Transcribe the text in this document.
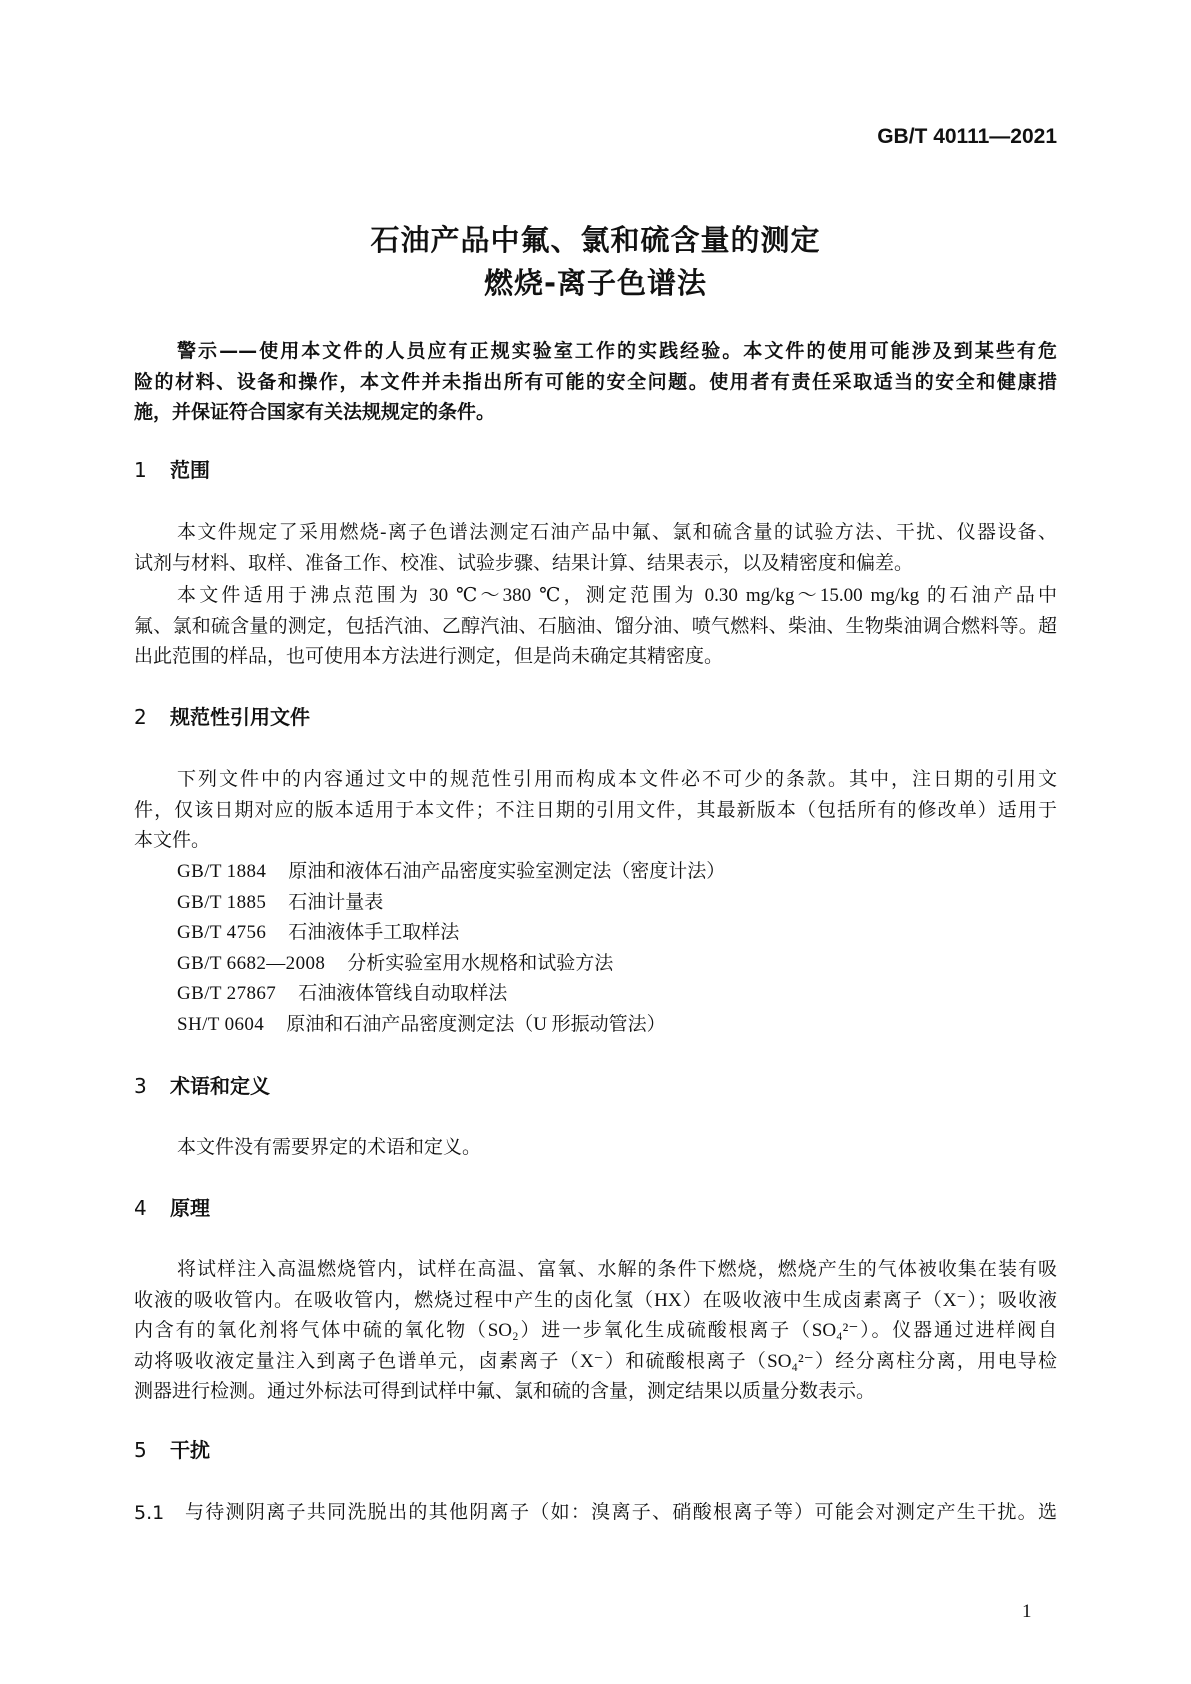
GB/T 40111—2021
石油产品中氟、氯和硫含量的测定
燃烧-离子色谱法
警示——使用本文件的人员应有正规实验室工作的实践经验。本文件的使用可能涉及到某些有危
险的材料、设备和操作，本文件并未指出所有可能的安全问题。使用者有责任采取适当的安全和健康措
施，并保证符合国家有关法规规定的条件。
1 范围
本文件规定了采用燃烧-离子色谱法测定石油产品中氟、氯和硫含量的试验方法、干扰、仪器设备、
试剂与材料、取样、准备工作、校准、试验步骤、结果计算、结果表示，以及精密度和偏差。
本文件适用于沸点范围为 30 ℃～380 ℃，测定范围为 0.30 mg/kg～15.00 mg/kg 的石油产品中
氟、氯和硫含量的测定，包括汽油、乙醇汽油、石脑油、馏分油、喷气燃料、柴油、生物柴油调合燃料等。超
出此范围的样品，也可使用本方法进行测定，但是尚未确定其精密度。
2 规范性引用文件
下列文件中的内容通过文中的规范性引用而构成本文件必不可少的条款。其中，注日期的引用文
件，仅该日期对应的版本适用于本文件；不注日期的引用文件，其最新版本（包括所有的修改单）适用于
本文件。
GB/T 1884 原油和液体石油产品密度实验室测定法（密度计法）
GB/T 1885 石油计量表
GB/T 4756 石油液体手工取样法
GB/T 6682—2008 分析实验室用水规格和试验方法
GB/T 27867 石油液体管线自动取样法
SH/T 0604 原油和石油产品密度测定法（U 形振动管法）
3 术语和定义
本文件没有需要界定的术语和定义。
4 原理
将试样注入高温燃烧管内，试样在高温、富氧、水解的条件下燃烧，燃烧产生的气体被收集在装有吸
收液的吸收管内。在吸收管内，燃烧过程中产生的卤化氢（HX）在吸收液中生成卤素离子（X⁻）；吸收液
内含有的氧化剂将气体中硫的氧化物（SO₂）进一步氧化生成硫酸根离子（SO₄²⁻）。仪器通过进样阀自
动将吸收液定量注入到离子色谱单元，卤素离子（X⁻）和硫酸根离子（SO₄²⁻）经分离柱分离，用电导检
测器进行检测。通过外标法可得到试样中氟、氯和硫的含量，测定结果以质量分数表示。
5 干扰
5.1 与待测阴离子共同洗脱出的其他阴离子（如：溴离子、硝酸根离子等）可能会对测定产生干扰。选
1
